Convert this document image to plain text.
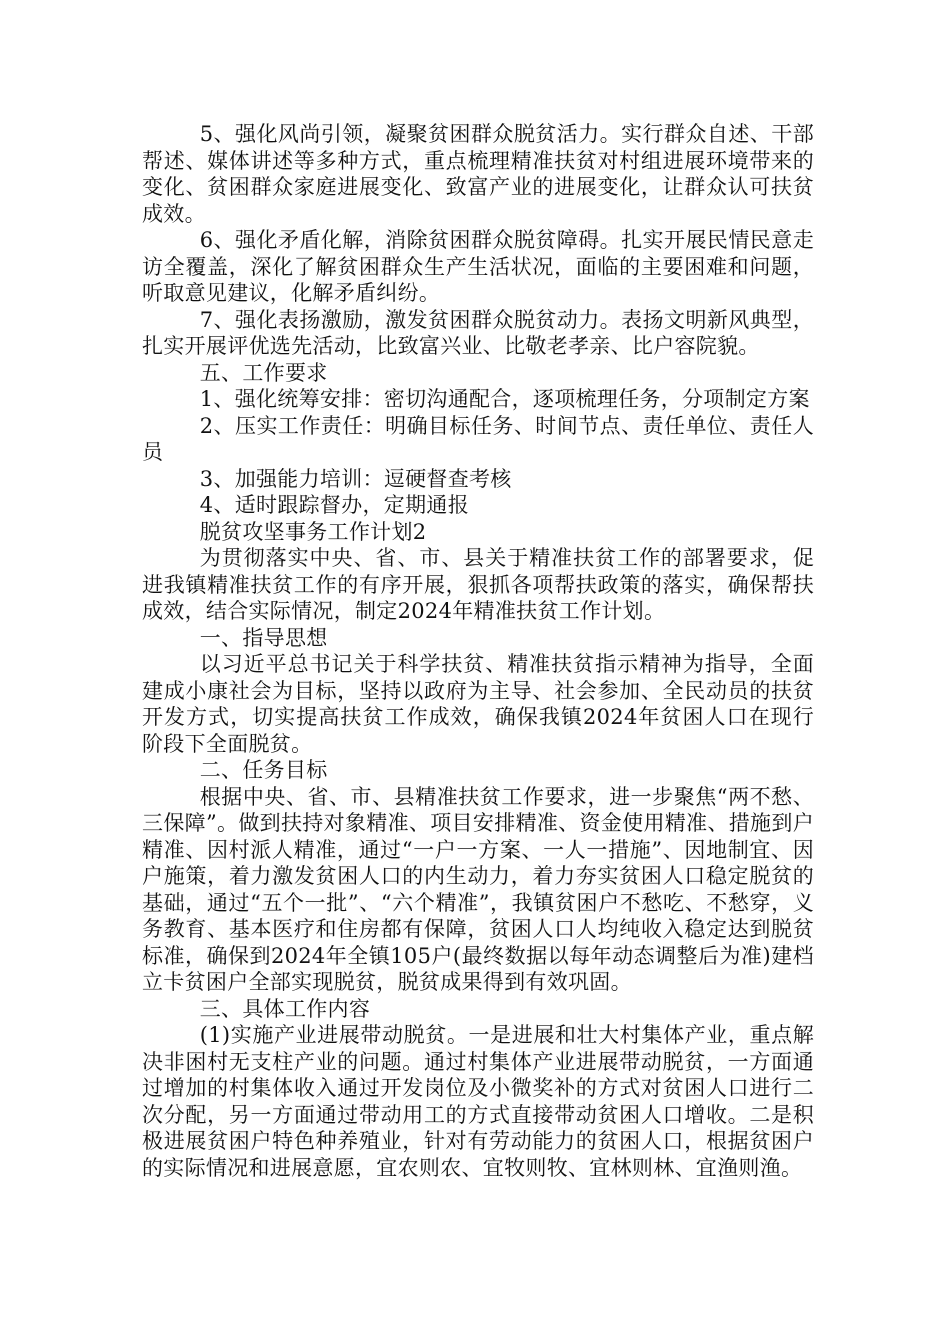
5、强化风尚引领，凝聚贫困群众脱贫活力。实行群众自述、干部帮述、媒体讲述等多种方式，重点梳理精准扶贫对村组进展环境带来的变化、贫困群众家庭进展变化、致富产业的进展变化，让群众认可扶贫成效。

6、强化矛盾化解，消除贫困群众脱贫障碍。扎实开展民情民意走访全覆盖，深化了解贫困群众生产生活状况，面临的主要困难和问题，听取意见建议，化解矛盾纠纷。

7、强化表扬激励，激发贫困群众脱贫动力。表扬文明新风典型，扎实开展评优选先活动，比致富兴业、比敬老孝亲、比户容院貌。

五、工作要求

1、强化统筹安排：密切沟通配合，逐项梳理任务，分项制定方案

2、压实工作责任：明确目标任务、时间节点、责任单位、责任人员

3、加强能力培训：逗硬督查考核

4、适时跟踪督办，定期通报

脱贫攻坚事务工作计划2

为贯彻落实中央、省、市、县关于精准扶贫工作的部署要求，促进我镇精准扶贫工作的有序开展，狠抓各项帮扶政策的落实，确保帮扶成效，结合实际情况，制定2024年精准扶贫工作计划。

一、指导思想

以习近平总书记关于科学扶贫、精准扶贫指示精神为指导，全面建成小康社会为目标，坚持以政府为主导、社会参加、全民动员的扶贫开发方式，切实提高扶贫工作成效，确保我镇2024年贫困人口在现行阶段下全面脱贫。

二、任务目标

根据中央、省、市、县精准扶贫工作要求，进一步聚焦“两不愁、三保障”。做到扶持对象精准、项目安排精准、资金使用精准、措施到户精准、因村派人精准，通过“一户一方案、一人一措施”、因地制宜、因户施策，着力激发贫困人口的内生动力，着力夯实贫困人口稳定脱贫的基础，通过“五个一批”、“六个精准”，我镇贫困户不愁吃、不愁穿，义务教育、基本医疗和住房都有保障，贫困人口人均纯收入稳定达到脱贫标准，确保到2024年全镇105户(最终数据以每年动态调整后为准)建档立卡贫困户全部实现脱贫，脱贫成果得到有效巩固。

三、具体工作内容

(1)实施产业进展带动脱贫。一是进展和壮大村集体产业，重点解决非困村无支柱产业的问题。通过村集体产业进展带动脱贫，一方面通过增加的村集体收入通过开发岗位及小微奖补的方式对贫困人口进行二次分配，另一方面通过带动用工的方式直接带动贫困人口增收。二是积极进展贫困户特色种养殖业，针对有劳动能力的贫困人口，根据贫困户的实际情况和进展意愿，宜农则农、宜牧则牧、宜林则林、宜渔则渔。
